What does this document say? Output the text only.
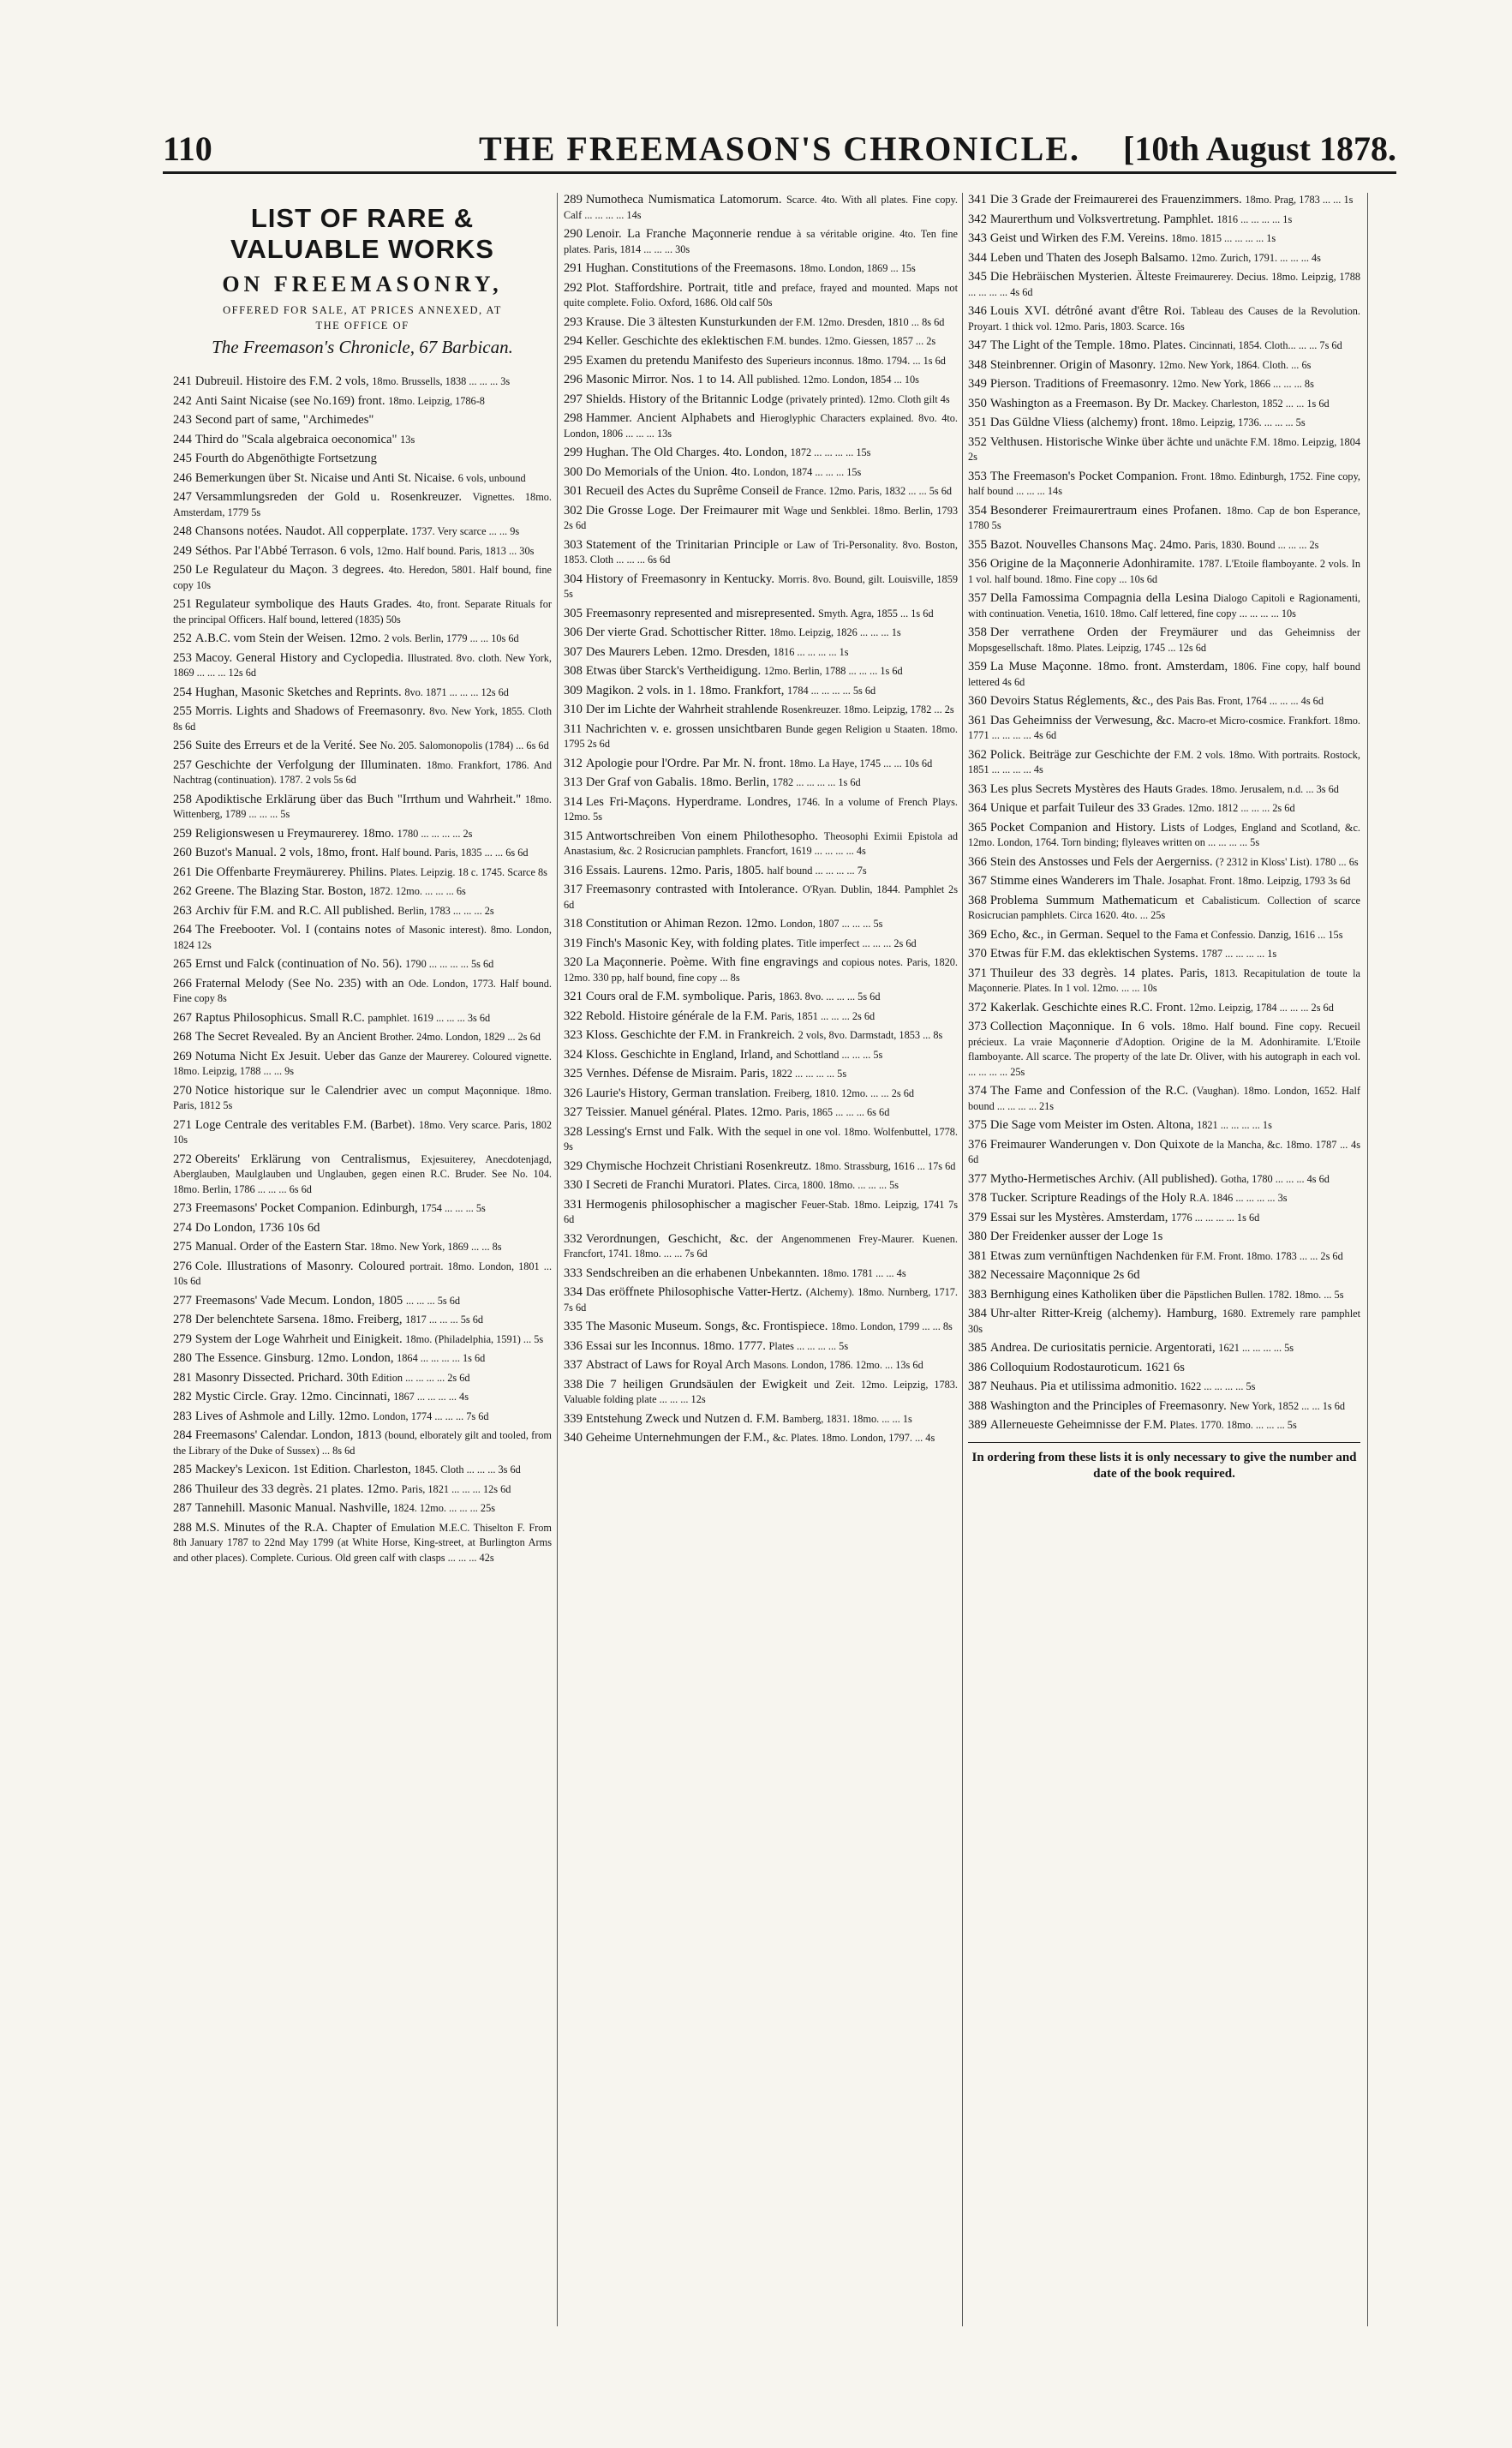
110	THE FREEMASON'S CHRONICLE.	[10th August 1878.
LIST OF RARE & VALUABLE WORKS
ON FREEMASONRY,
OFFERED FOR SALE, AT PRICES ANNEXED, AT
THE OFFICE OF
The Freemason's Chronicle, 67 Barbican.
241 Dubreuil. Histoire des F.M. 2 vols, 18mo. Brussells, 1838 ... ... ... 3s
242 Anti Saint Nicaise (see No.169) front. 18mo. Leipzig, 1786-8
243 Second part of same, "Archimedes"
244 Third do "Scala algebraica oeconomica" 13s
245 Fourth do Abgenöthigte Fortsetzung
246 Bemerkungen über St. Nicaise und Anti St. Nicaise. 6 vols, unbound
247 Versammlungsreden der Gold u. Rosenkreuzer. Vignettes. 18mo. Amsterdam, 1779 5s
248 Chansons notées. Naudot. All copperplate. 1737. Very scarce ... ... 9s
249 Séthos. Par l'Abbé Terrason. 6 vols, 12mo. Half bound. Paris, 1813 ... 30s
250 Le Regulateur du Maçon. 3 degrees. 4to. Heredon, 5801. Half bound, fine copy 10s
251 Regulateur symbolique des Hauts Grades. 4to, front. Separate Rituals for the principal Officers. Half bound, lettered (1835) 50s
252 A.B.C. vom Stein der Weisen. 12mo. 2 vols. Berlin, 1779 ... ... 10s 6d
253 Macoy. General History and Cyclopedia. Illustrated. 8vo. cloth. New York, 1869 ... ... ... 12s 6d
254 Hughan, Masonic Sketches and Reprints. 8vo. 1871 ... ... ... 12s 6d
255 Morris. Lights and Shadows of Freemasonry. 8vo. New York, 1855. Cloth 8s 6d
256 Suite des Erreurs et de la Verité. See No. 205. Salomonopolis (1784) ... 6s 6d
257 Geschichte der Verfolgung der Illuminaten. 18mo. Frankfort, 1786. And Nachtrag (continuation). 1787. 2 vols 5s 6d
258 Apodiktische Erklärung über das Buch "Irrthum und Wahrheit." 18mo. Wittenberg, 1789 ... ... ... 5s
259 Religionswesen u Freymaurerey. 18mo. 1780 ... ... ... ... 2s
260 Buzot's Manual. 2 vols, 18mo, front. Half bound. Paris, 1835 ... ... 6s 6d
261 Die Offenbarte Freymäurerey. Philins. Plates. Leipzig. 18 c. 1745. Scarce 8s
262 Greene. The Blazing Star. Boston, 1872. 12mo. ... ... ... 6s
263 Archiv für F.M. and R.C. All published. Berlin, 1783 ... ... ... 2s
264 The Freebooter. Vol. I (contains notes of Masonic interest). 8mo. London, 1824 12s
265 Ernst und Falck (continuation of No. 56). 1790 ... ... ... ... 5s 6d
266 Fraternal Melody (See No. 235) with an Ode. London, 1773. Half bound. Fine copy 8s
267 Raptus Philosophicus. Small R.C. pamphlet. 1619 ... ... ... 3s 6d
268 The Secret Revealed. By an Ancient Brother. 24mo. London, 1829 ... 2s 6d
269 Notuma Nicht Ex Jesuit. Ueber das Ganze der Maurerey. Coloured vignette. 18mo. Leipzig, 1788 ... ... 9s
270 Notice historique sur le Calendrier avec un comput Maçonnique. 18mo. Paris, 1812 5s
271 Loge Centrale des veritables F.M. (Barbet). 18mo. Very scarce. Paris, 1802 10s
272 Obereits' Erklärung von Centralismus, Exjesuiterey, Anecdotenjagd, Aberglauben, Maulglauben und Unglauben, gegen einen R.C. Bruder. See No. 104. 18mo. Berlin, 1786 ... ... ... 6s 6d
273 Freemasons' Pocket Companion. Edinburgh, 1754 ... ... ... 5s
274 Do London, 1736 10s 6d
275 Manual. Order of the Eastern Star. 18mo. New York, 1869 ... ... 8s
276 Cole. Illustrations of Masonry. Coloured portrait. 18mo. London, 1801 ... 10s 6d
277 Freemasons' Vade Mecum. London, 1805 ... ... ... 5s 6d
278 Der belenchtete Sarsena. 18mo. Freiberg, 1817 ... ... ... 5s 6d
279 System der Loge Wahrheit und Einigkeit. 18mo. (Philadelphia, 1591) ... 5s
280 The Essence. Ginsburg. 12mo. London, 1864 ... ... ... ... 1s 6d
281 Masonry Dissected. Prichard. 30th Edition ... ... ... ... 2s 6d
282 Mystic Circle. Gray. 12mo. Cincinnati, 1867 ... ... ... ... 4s
283 Lives of Ashmole and Lilly. 12mo. London, 1774 ... ... ... 7s 6d
284 Freemasons' Calendar. London, 1813 (bound, elborately gilt and tooled, from the Library of the Duke of Sussex) ... 8s 6d
285 Mackey's Lexicon. 1st Edition. Charleston, 1845. Cloth ... ... ... 3s 6d
286 Thuileur des 33 degrès. 21 plates. 12mo. Paris, 1821 ... ... ... 12s 6d
287 Tannehill. Masonic Manual. Nashville, 1824. 12mo. ... ... ... 25s
288 M.S. Minutes of the R.A. Chapter of Emulation M.E.C. Thiselton F. From 8th January 1787 to 22nd May 1799 (at White Horse, King-street, at Burlington Arms and other places). Complete. Curious. Old green calf with clasps ... ... ... 42s
289 Numotheca Numismatica Latomorum. Scarce. 4to. With all plates. Fine copy. Calf ... ... ... ... 14s
290 Lenoir. La Franche Maçonnerie rendue à sa véritable origine. 4to. Ten fine plates. Paris, 1814 ... ... ... 30s
291 Hughan. Constitutions of the Freemasons. 18mo. London, 1869 ... 15s
292 Plot. Staffordshire. Portrait, title and preface, frayed and mounted. Maps not quite complete. Folio. Oxford, 1686. Old calf 50s
293 Krause. Die 3 ältesten Kunsturkunden der F.M. 12mo. Dresden, 1810 ... 8s 6d
294 Keller. Geschichte des eklektischen F.M. bundes. 12mo. Giessen, 1857 ... 2s
295 Examen du pretendu Manifesto des Superieurs inconnus. 18mo. 1794. ... 1s 6d
296 Masonic Mirror. Nos. 1 to 14. All published. 12mo. London, 1854 ... 10s
297 Shields. History of the Britannic Lodge (privately printed). 12mo. Cloth gilt 4s
298 Hammer. Ancient Alphabets and Hieroglyphic Characters explained. 8vo. 4to. London, 1806 ... ... ... 13s
299 Hughan. The Old Charges. 4to. London, 1872 ... ... ... ... 15s
300 Do Memorials of the Union. 4to. London, 1874 ... ... ... 15s
301 Recueil des Actes du Suprême Conseil de France. 12mo. Paris, 1832 ... ... 5s 6d
302 Die Grosse Loge. Der Freimaurer mit Wage und Senkblei. 18mo. Berlin, 1793 2s 6d
303 Statement of the Trinitarian Principle or Law of Tri-Personality. 8vo. Boston, 1853. Cloth ... ... ... 6s 6d
304 History of Freemasonry in Kentucky. Morris. 8vo. Bound, gilt. Louisville, 1859 5s
305 Freemasonry represented and misrepresented. Smyth. Agra, 1855 ... 1s 6d
306 Der vierte Grad. Schottischer Ritter. 18mo. Leipzig, 1826 ... ... ... 1s
307 Des Maurers Leben. 12mo. Dresden, 1816 ... ... ... ... 1s
308 Etwas über Starck's Vertheidigung. 12mo. Berlin, 1788 ... ... ... 1s 6d
309 Magikon. 2 vols. in 1. 18mo. Frankfort, 1784 ... ... ... ... 5s 6d
310 Der im Lichte der Wahrheit strahlende Rosenkreuzer. 18mo. Leipzig, 1782 ... 2s
311 Nachrichten v. e. grossen unsichtbaren Bunde gegen Religion u Staaten. 18mo. 1795 2s 6d
312 Apologie pour l'Ordre. Par Mr. N. front. 18mo. La Haye, 1745 ... ... 10s 6d
313 Der Graf von Gabalis. 18mo. Berlin, 1782 ... ... ... ... 1s 6d
314 Les Fri-Maçons. Hyperdrame. Londres, 1746. In a volume of French Plays. 12mo. 5s
315 Antwortschreiben Von einem Philothesopho. Theosophi Eximii Epistola ad Anastasium, &c. 2 Rosicrucian pamphlets. Francfort, 1619 ... ... ... ... 4s
316 Essais. Laurens. 12mo. Paris, 1805. half bound ... ... ... ... 7s
317 Freemasonry contrasted with Intolerance. O'Ryan. Dublin, 1844. Pamphlet 2s 6d
318 Constitution or Ahiman Rezon. 12mo. London, 1807 ... ... ... 5s
319 Finch's Masonic Key, with folding plates. Title imperfect ... ... ... 2s 6d
320 La Maçonnerie. Poème. With fine engravings and copious notes. Paris, 1820. 12mo. 330 pp, half bound, fine copy ... 8s
321 Cours oral de F.M. symbolique. Paris, 1863. 8vo. ... ... ... 5s 6d
322 Rebold. Histoire générale de la F.M. Paris, 1851 ... ... ... 2s 6d
323 Kloss. Geschichte der F.M. in Frankreich. 2 vols, 8vo. Darmstadt, 1853 ... 8s
324 Kloss. Geschichte in England, Irland, and Schottland ... ... ... 5s
325 Vernhes. Défense de Misraim. Paris, 1822 ... ... ... ... 5s
326 Laurie's History, German translation. Freiberg, 1810. 12mo. ... ... 2s 6d
327 Teissier. Manuel général. Plates. 12mo. Paris, 1865 ... ... ... 6s 6d
328 Lessing's Ernst und Falk. With the sequel in one vol. 18mo. Wolfenbuttel, 1778. 9s
329 Chymische Hochzeit Christiani Rosenkreutz. 18mo. Strassburg, 1616 ... 17s 6d
330 I Secreti de Franchi Muratori. Plates. Circa, 1800. 18mo. ... ... ... 5s
331 Hermogenis philosophischer a magischer Feuer-Stab. 18mo. Leipzig, 1741 7s 6d
332 Verordnungen, Geschicht, &c. der Angenommenen Frey-Maurer. Kuenen. Francfort, 1741. 18mo. ... ... 7s 6d
333 Sendschreiben an die erhabenen Unbekannten. 18mo. 1781 ... ... 4s
334 Das eröffnete Philosophische Vatter-Hertz. (Alchemy). 18mo. Nurnberg, 1717. 7s 6d
335 The Masonic Museum. Songs, &c. Frontispiece. 18mo. London, 1799 ... ... 8s
336 Essai sur les Inconnus. 18mo. 1777. Plates ... ... ... ... 5s
337 Abstract of Laws for Royal Arch Masons. London, 1786. 12mo. ... 13s 6d
338 Die 7 heiligen Grundsäulen der Ewigkeit und Zeit. 12mo. Leipzig, 1783. Valuable folding plate ... ... ... 12s
339 Entstehung Zweck und Nutzen d. F.M. Bamberg, 1831. 18mo. ... ... 1s
340 Geheime Unternehmungen der F.M., &c. Plates. 18mo. London, 1797. ... 4s
341 Die 3 Grade der Freimaurerei des Frauenzimmers. 18mo. Prag, 1783 ... ... 1s
342 Maurerthum und Volksvertretung. Pamphlet. 1816 ... ... ... ... 1s
343 Geist und Wirken des F.M. Vereins. 18mo. 1815 ... ... ... ... 1s
344 Leben und Thaten des Joseph Balsamo. 12mo. Zurich, 1791. ... ... ... 4s
345 Die Hebräischen Mysterien. Älteste Freimaurerey. Decius. 18mo. Leipzig, 1788 ... ... ... ... 4s 6d
346 Louis XVI. détrôné avant d'être Roi. Tableau des Causes de la Revolution. Proyart. 1 thick vol. 12mo. Paris, 1803. Scarce. 16s
347 The Light of the Temple. 18mo. Plates. Cincinnati, 1854. Cloth... ... ... 7s 6d
348 Steinbrenner. Origin of Masonry. 12mo. New York, 1864. Cloth. ... 6s
349 Pierson. Traditions of Freemasonry. 12mo. New York, 1866 ... ... ... 8s
350 Washington as a Freemason. By Dr. Mackey. Charleston, 1852 ... ... 1s 6d
351 Das Güldne Vliess (alchemy) front. 18mo. Leipzig, 1736. ... ... ... 5s
352 Velthusen. Historische Winke über ächte und unächte F.M. 18mo. Leipzig, 1804 2s
353 The Freemason's Pocket Companion. Front. 18mo. Edinburgh, 1752. Fine copy, half bound ... ... ... 14s
354 Besonderer Freimaurertraum eines Profanen. 18mo. Cap de bon Esperance, 1780 5s
355 Bazot. Nouvelles Chansons Maç. 24mo. Paris, 1830. Bound ... ... ... 2s
356 Origine de la Maçonnerie Adonhiramite. 1787. L'Etoile flamboyante. 2 vols. In 1 vol. half bound. 18mo. Fine copy ... 10s 6d
357 Della Famossima Compagnia della Lesina Dialogo Capitoli e Ragionamenti, with continuation. Venetia, 1610. 18mo. Calf lettered, fine copy ... ... ... ... 10s
358 Der verrathene Orden der Freymäurer und das Geheimniss der Mopsgesellschaft. 18mo. Plates. Leipzig, 1745 ... 12s 6d
359 La Muse Maçonne. 18mo. front. Amsterdam, 1806. Fine copy, half bound lettered 4s 6d
360 Devoirs Status Réglements, &c., des Pais Bas. Front, 1764 ... ... ... 4s 6d
361 Das Geheimniss der Verwesung, &c. Macro-et Micro-cosmice. Frankfort. 18mo. 1771 ... ... ... ... 4s 6d
362 Polick. Beiträge zur Geschichte der F.M. 2 vols. 18mo. With portraits. Rostock, 1851 ... ... ... ... 4s
363 Les plus Secrets Mystères des Hauts Grades. 18mo. Jerusalem, n.d. ... 3s 6d
364 Unique et parfait Tuileur des 33 Grades. 12mo. 1812 ... ... ... 2s 6d
365 Pocket Companion and History. Lists of Lodges, England and Scotland, &c. 12mo. London, 1764. Torn binding; flyleaves written on ... ... ... ... 5s
366 Stein des Anstosses und Fels der Aergerniss. (? 2312 in Kloss' List). 1780 ... 6s
367 Stimme eines Wanderers im Thale. Josaphat. Front. 18mo. Leipzig, 1793 3s 6d
368 Problema Summum Mathematicum et Cabalisticum. Collection of scarce Rosicrucian pamphlets. Circa 1620. 4to. ... 25s
369 Echo, &c., in German. Sequel to the Fama et Confessio. Danzig, 1616 ... 15s
370 Etwas für F.M. das eklektischen Systems. 1787 ... ... ... ... 1s
371 Thuileur des 33 degrès. 14 plates. Paris, 1813. Recapitulation de toute la Maçonnerie. Plates. In 1 vol. 12mo. ... ... 10s
372 Kakerlak. Geschichte eines R.C. Front. 12mo. Leipzig, 1784 ... ... ... 2s 6d
373 Collection Maçonnique. In 6 vols. 18mo. Half bound. Fine copy. Recueil précieux. La vraie Maçonnerie d'Adoption. Origine de la M. Adonhiramite. L'Etoile flamboyante. All scarce. The property of the late Dr. Oliver, with his autograph in each vol. ... ... ... ... 25s
374 The Fame and Confession of the R.C. (Vaughan). 18mo. London, 1652. Half bound ... ... ... ... 21s
375 Die Sage vom Meister im Osten. Altona, 1821 ... ... ... ... 1s
376 Freimaurer Wanderungen v. Don Quixote de la Mancha, &c. 18mo. 1787 ... 4s 6d
377 Mytho-Hermetisches Archiv. (All published). Gotha, 1780 ... ... ... 4s 6d
378 Tucker. Scripture Readings of the Holy R.A. 1846 ... ... ... ... 3s
379 Essai sur les Mystères. Amsterdam, 1776 ... ... ... ... 1s 6d
380 Der Freidenker ausser der Loge 1s
381 Etwas zum vernünftigen Nachdenken für F.M. Front. 18mo. 1783 ... ... 2s 6d
382 Necessaire Maçonnique 2s 6d
383 Bernhigung eines Katholiken über die Päpstlichen Bullen. 1782. 18mo. ... 5s
384 Uhr-alter Ritter-Kreig (alchemy). Hamburg, 1680. Extremely rare pamphlet 30s
385 Andrea. De curiositatis pernicie. Argentorati, 1621 ... ... ... ... 5s
386 Colloquium Rodostauroticum. 1621 6s
387 Neuhaus. Pia et utilissima admonitio. 1622 ... ... ... ... 5s
388 Washington and the Principles of Freemasonry. New York, 1852 ... ... 1s 6d
389 Allerneueste Geheimnisse der F.M. Plates. 1770. 18mo. ... ... ... 5s
In ordering from these lists it is only necessary to give the number and date of the book required.
